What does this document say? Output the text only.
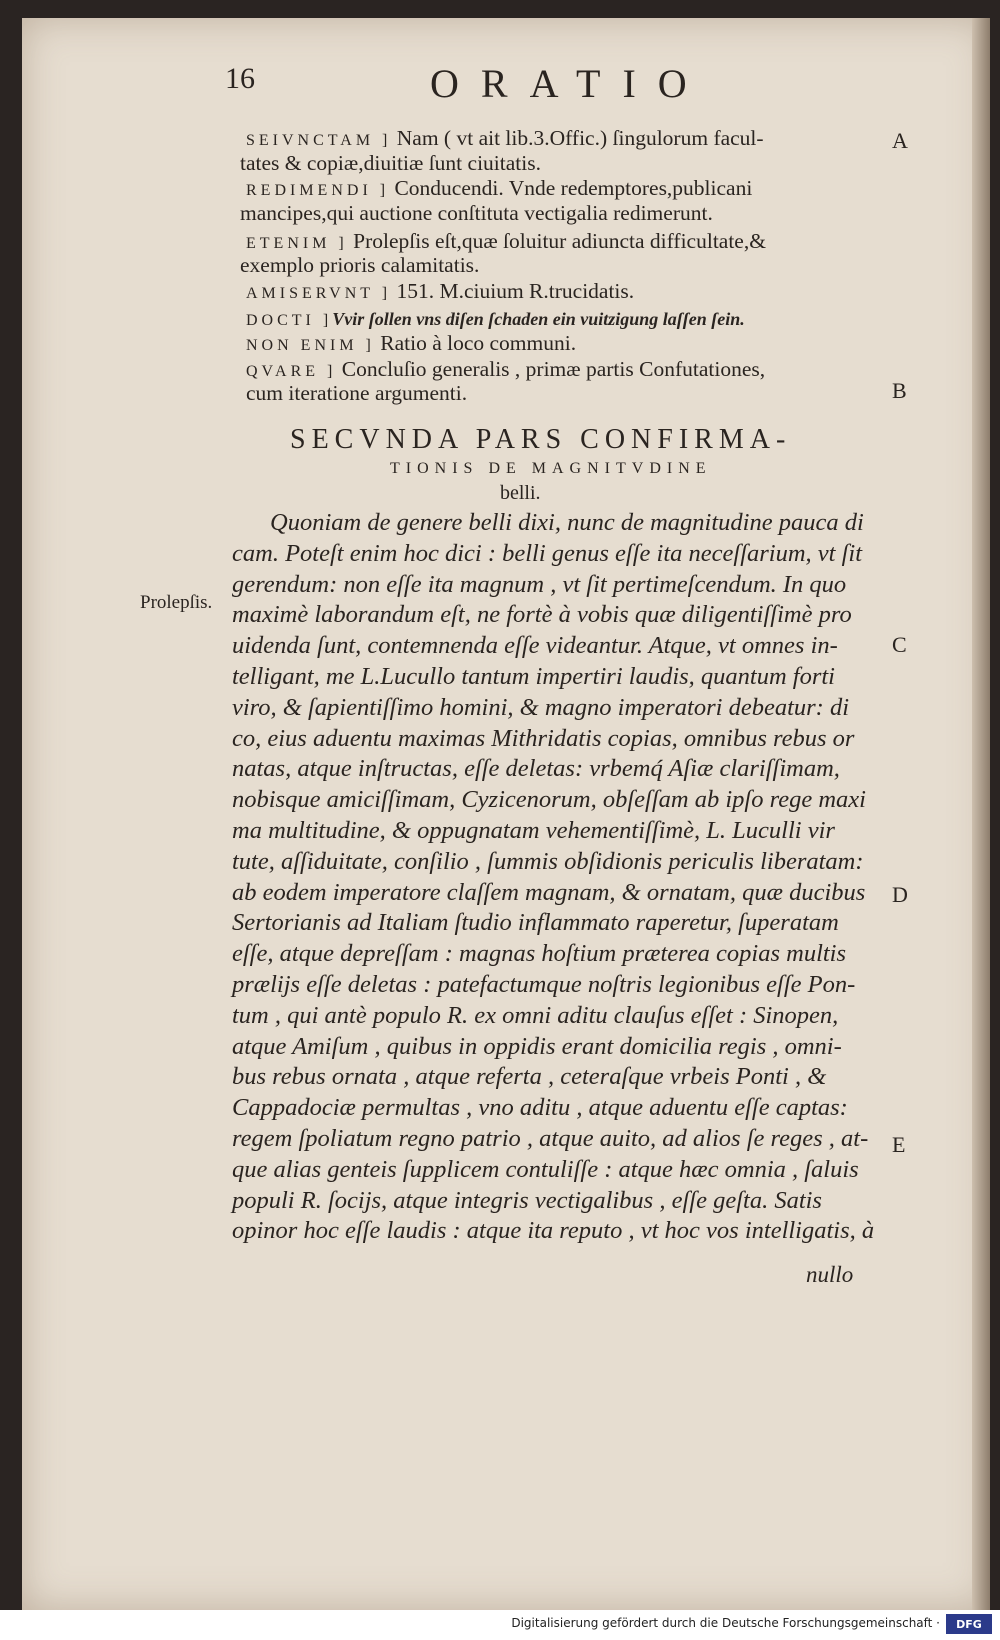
16	ORATIO
SEIVNCTAM ] Nam ( vt ait lib.3.Offic.) ſingulorum facul-
tates & copiæ,diuitiæ ſunt ciuitatis.
REDIMENDI ] Conducendi. Vnde redemptores,publicani
mancipes,qui auctione conſtituta vectigalia redimerunt.
ETENIM ] Prolepſis eſt,quæ ſoluitur adiuncta difficultate,&
exemplo prioris calamitatis.
AMISERVNT ] 151. M.ciuium R.trucidatis.
DOCTI ]Vvir ſollen vns diſen ſchaden ein vuitzigung laſſen ſein.
NON ENIM ] Ratio à loco communi.
QVARE ] Concluſio generalis , primæ partis Confutationes,
cum iteratione argumenti.
SECVNDA PARS CONFIRMA-
TIONIS DE MAGNITVDINE
belli.
Prolepſis.
A
B
C
D
E
Quoniam de genere belli dixi, nunc de magnitudine pauca di
cam. Poteſt enim hoc dici : belli genus eſſe ita neceſſarium, vt ſit
gerendum: non eſſe ita magnum , vt ſit pertimeſcendum. In quo
maximè laborandum eſt, ne fortè à vobis quæ diligentiſſimè pro
uidenda ſunt, contemnenda eſſe videantur. Atque, vt omnes in-
telligant, me L.Lucullo tantum impertiri laudis, quantum forti
viro, & ſapientiſſimo homini, & magno imperatori debeatur: di
co, eius aduentu maximas Mithridatis copias, omnibus rebus or
natas, atque inſtructas, eſſe deletas: vrbemq́ Aſiæ clariſſimam,
nobisque amiciſſimam, Cyzicenorum, obſeſſam ab ipſo rege maxi
ma multitudine, & oppugnatam vehementiſſimè, L. Luculli vir
tute, aſſiduitate, conſilio , ſummis obſidionis periculis liberatam:
ab eodem imperatore claſſem magnam, & ornatam, quæ ducibus
Sertorianis ad Italiam ſtudio inflammato raperetur, ſuperatam
eſſe, atque depreſſam : magnas hoſtium præterea copias multis
prælijs eſſe deletas : patefactumque noſtris legionibus eſſe Pon-
tum , qui antè populo R. ex omni aditu clauſus eſſet : Sinopen,
atque Amiſum , quibus in oppidis erant domicilia regis , omni-
bus rebus ornata , atque referta , ceteraſque vrbeis Ponti , &
Cappadociæ permultas , vno aditu , atque aduentu eſſe captas:
regem ſpoliatum regno patrio , atque auito, ad alios ſe reges , at-
que alias genteis ſupplicem contuliſſe : atque hæc omnia , ſaluis
populi R. ſocijs, atque integris vectigalibus , eſſe geſta. Satis
opinor hoc eſſe laudis : atque ita reputo , vt hoc vos intelligatis, à
nullo
Digitalisierung gefördert durch die Deutsche Forschungsgemeinschaft ·	DFG
